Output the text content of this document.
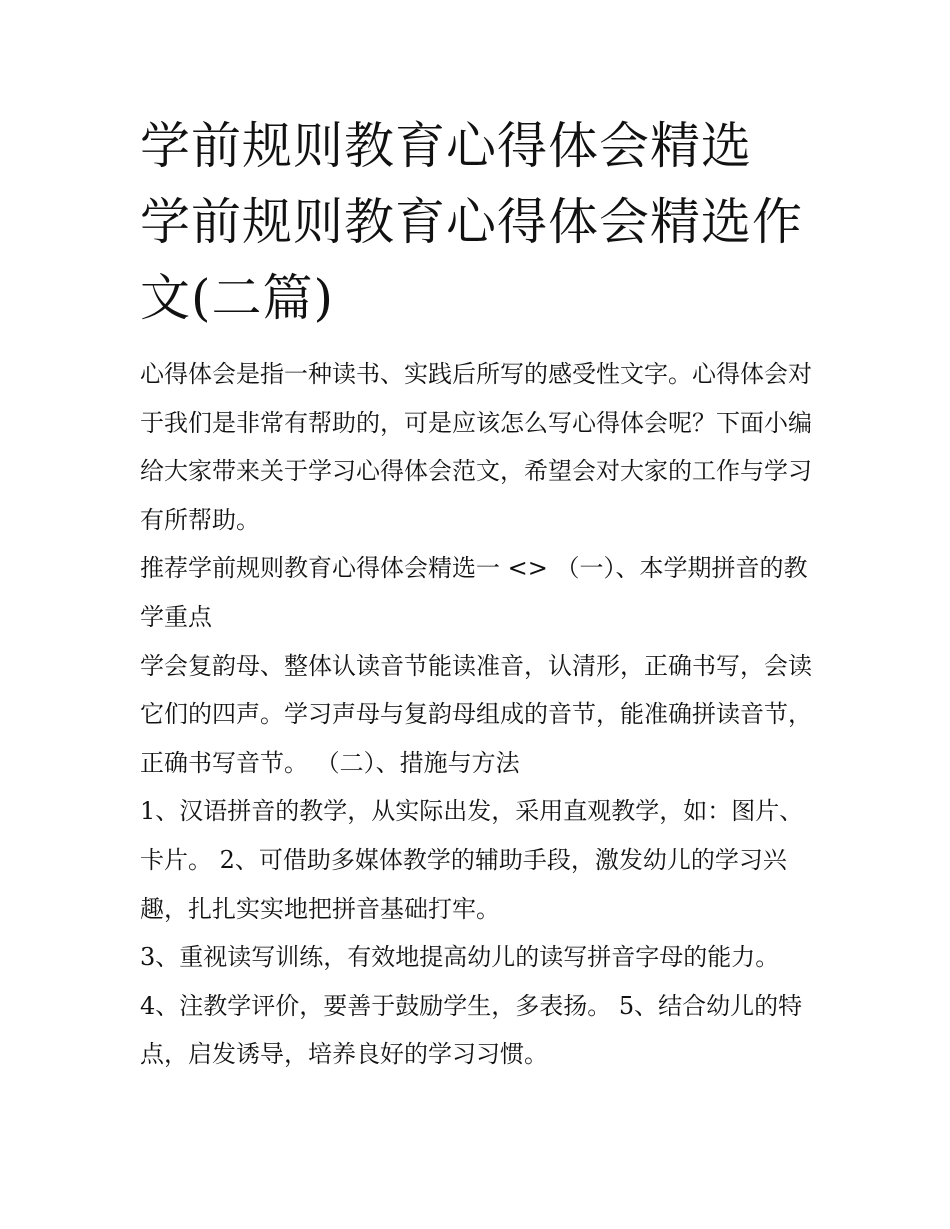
学前规则教育心得体会精选 学前规则教育心得体会精选作文(二篇)

心得体会是指一种读书、实践后所写的感受性文字。心得体会对于我们是非常有帮助的，可是应该怎么写心得体会呢？下面小编给大家带来关于学习心得体会范文，希望会对大家的工作与学习有所帮助。

推荐学前规则教育心得体会精选一 <> （一）、本学期拼音的教学重点

学会复韵母、整体认读音节能读准音，认清形，正确书写，会读它们的四声。学习声母与复韵母组成的音节，能准确拼读音节，正确书写音节。 （二）、措施与方法

1、汉语拼音的教学，从实际出发，采用直观教学，如：图片、卡片。 2、可借助多媒体教学的辅助手段，激发幼儿的学习兴趣，扎扎实实地把拼音基础打牢。

3、重视读写训练，有效地提高幼儿的读写拼音字母的能力。

4、注教学评价，要善于鼓励学生，多表扬。 5、结合幼儿的特点，启发诱导，培养良好的学习习惯。
